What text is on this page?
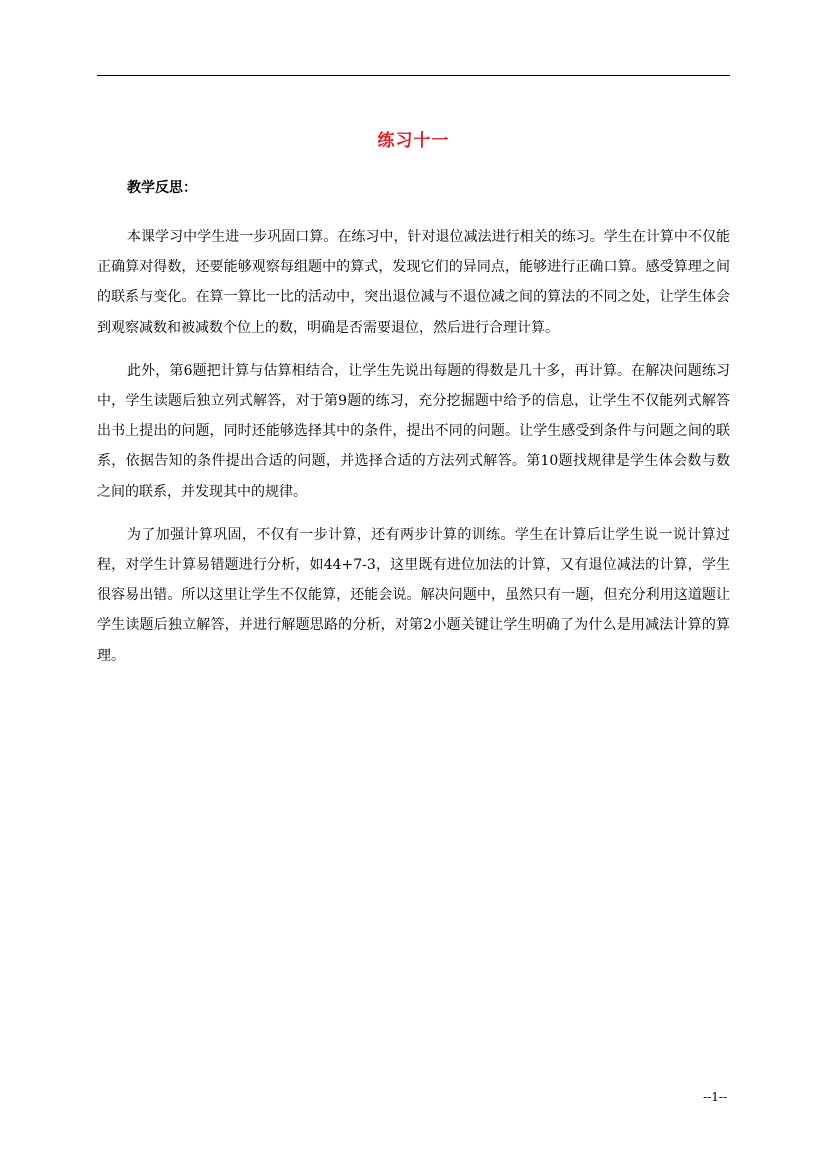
练习十一
教学反思：

本课学习中学生进一步巩固口算。在练习中，针对退位减法进行相关的练习。学生在计算中不仅能正确算对得数，还要能够观察每组题中的算式，发现它们的异同点，能够进行正确口算。感受算理之间的联系与变化。在算一算比一比的活动中，突出退位减与不退位减之间的算法的不同之处，让学生体会到观察减数和被减数个位上的数，明确是否需要退位，然后进行合理计算。

此外，第6题把计算与估算相结合，让学生先说出每题的得数是几十多，再计算。在解决问题练习中，学生读题后独立列式解答，对于第9题的练习，充分挖掘题中给予的信息，让学生不仅能列式解答出书上提出的问题，同时还能够选择其中的条件，提出不同的问题。让学生感受到条件与问题之间的联系，依据告知的条件提出合适的问题，并选择合适的方法列式解答。第10题找规律是学生体会数与数之间的联系，并发现其中的规律。

为了加强计算巩固，不仅有一步计算，还有两步计算的训练。学生在计算后让学生说一说计算过程，对学生计算易错题进行分析，如44+7-3，这里既有进位加法的计算，又有退位减法的计算，学生很容易出错。所以这里让学生不仅能算，还能会说。解决问题中，虽然只有一题，但充分利用这道题让学生读题后独立解答，并进行解题思路的分析，对第2小题关键让学生明确了为什么是用减法计算的算理。

--1--
